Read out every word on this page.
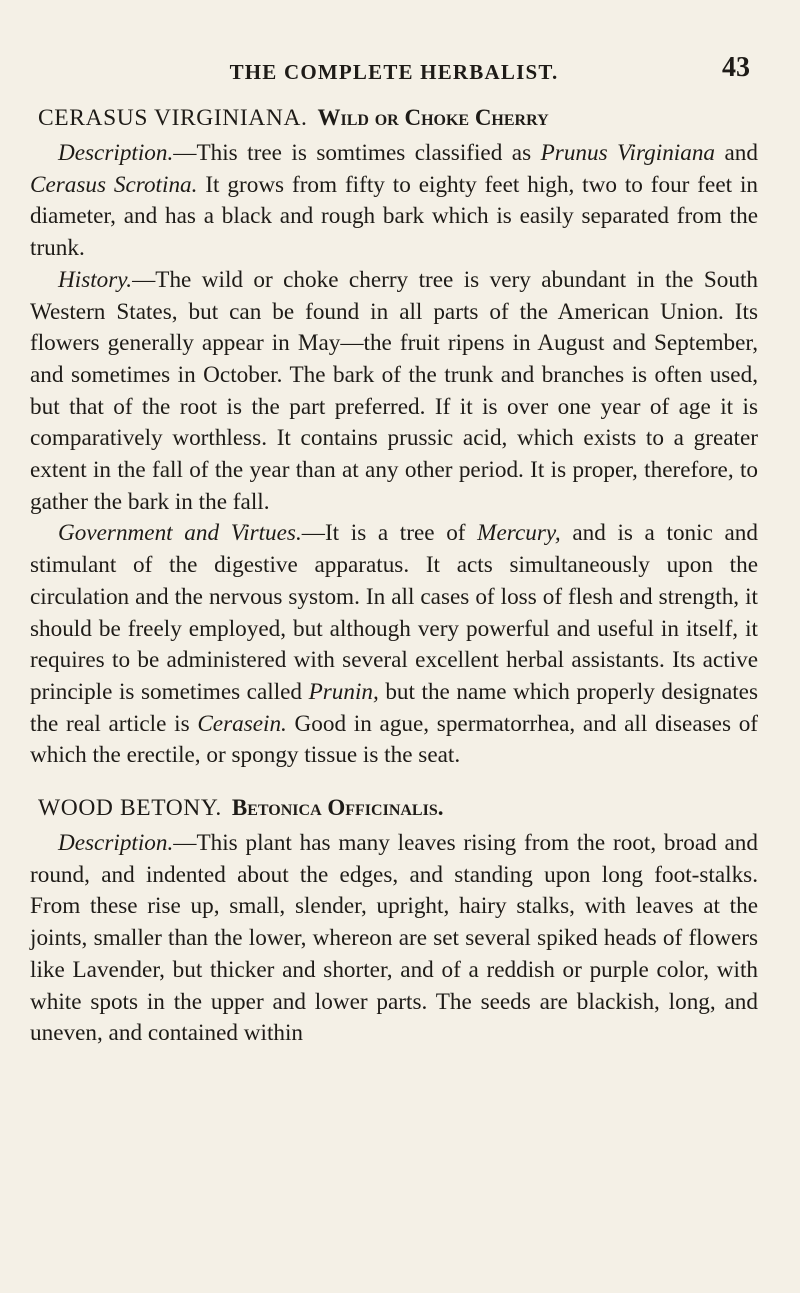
THE COMPLETE HERBALIST.	43
CERASUS VIRGINIANA. Wild or Choke Cherry

Description.—This tree is somtimes classified as Prunus Virginiana and Cerasus Scrotina. It grows from fifty to eighty feet high, two to four feet in diameter, and has a black and rough bark which is easily separated from the trunk.

History.—The wild or choke cherry tree is very abundant in the South Western States, but can be found in all parts of the American Union. Its flowers generally appear in May—the fruit ripens in August and September, and sometimes in October. The bark of the trunk and branches is often used, but that of the root is the part preferred. If it is over one year of age it is comparatively worthless. It contains prussic acid, which exists to a greater extent in the fall of the year than at any other period. It is proper, therefore, to gather the bark in the fall.

Government and Virtues.—It is a tree of Mercury, and is a tonic and stimulant of the digestive apparatus. It acts simultaneously upon the circulation and the nervous systom. In all cases of loss of flesh and strength, it should be freely employed, but although very powerful and useful in itself, it requires to be administered with several excellent herbal assistants. Its active principle is sometimes called Prunin, but the name which properly designates the real article is Cerasein. Good in ague, spermatorrhea, and all diseases of which the erectile, or spongy tissue is the seat.

WOOD BETONY. Betonica Officinalis.

Description.—This plant has many leaves rising from the root, broad and round, and indented about the edges, and standing upon long foot-stalks. From these rise up, small, slender, upright, hairy stalks, with leaves at the joints, smaller than the lower, whereon are set several spiked heads of flowers like Lavender, but thicker and shorter, and of a reddish or purple color, with white spots in the upper and lower parts. The seeds are blackish, long, and uneven, and contained within
